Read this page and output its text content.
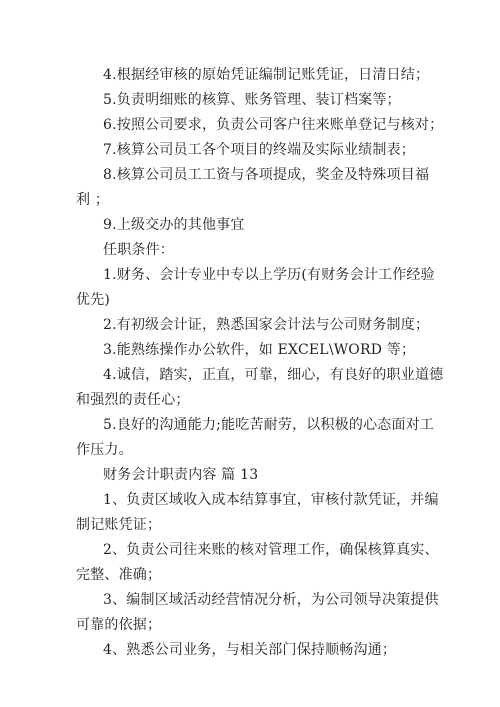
4.根据经审核的原始凭证编制记账凭证，日清日结；
5.负责明细账的核算、账务管理、装订档案等；
6.按照公司要求，负责公司客户往来账单登记与核对；
7.核算公司员工各个项目的终端及实际业绩制表；
8.核算公司员工工资与各项提成，奖金及特殊项目福
利 ；
9.上级交办的其他事宜
任职条件：
1.财务、会计专业中专以上学历(有财务会计工作经验
优先)
2.有初级会计证，熟悉国家会计法与公司财务制度；
3.能熟练操作办公软件，如 EXCEL\WORD 等；
4.诚信，踏实，正直，可靠，细心，有良好的职业道德
和强烈的责任心；
5.良好的沟通能力;能吃苦耐劳，以积极的心态面对工
作压力。
财务会计职责内容 篇 13
1、负责区域收入成本结算事宜，审核付款凭证，并编
制记账凭证；
2、负责公司往来账的核对管理工作，确保核算真实、
完整、准确；
3、编制区域活动经营情况分析，为公司领导决策提供
可靠的依据；
4、熟悉公司业务，与相关部门保持顺畅沟通；
